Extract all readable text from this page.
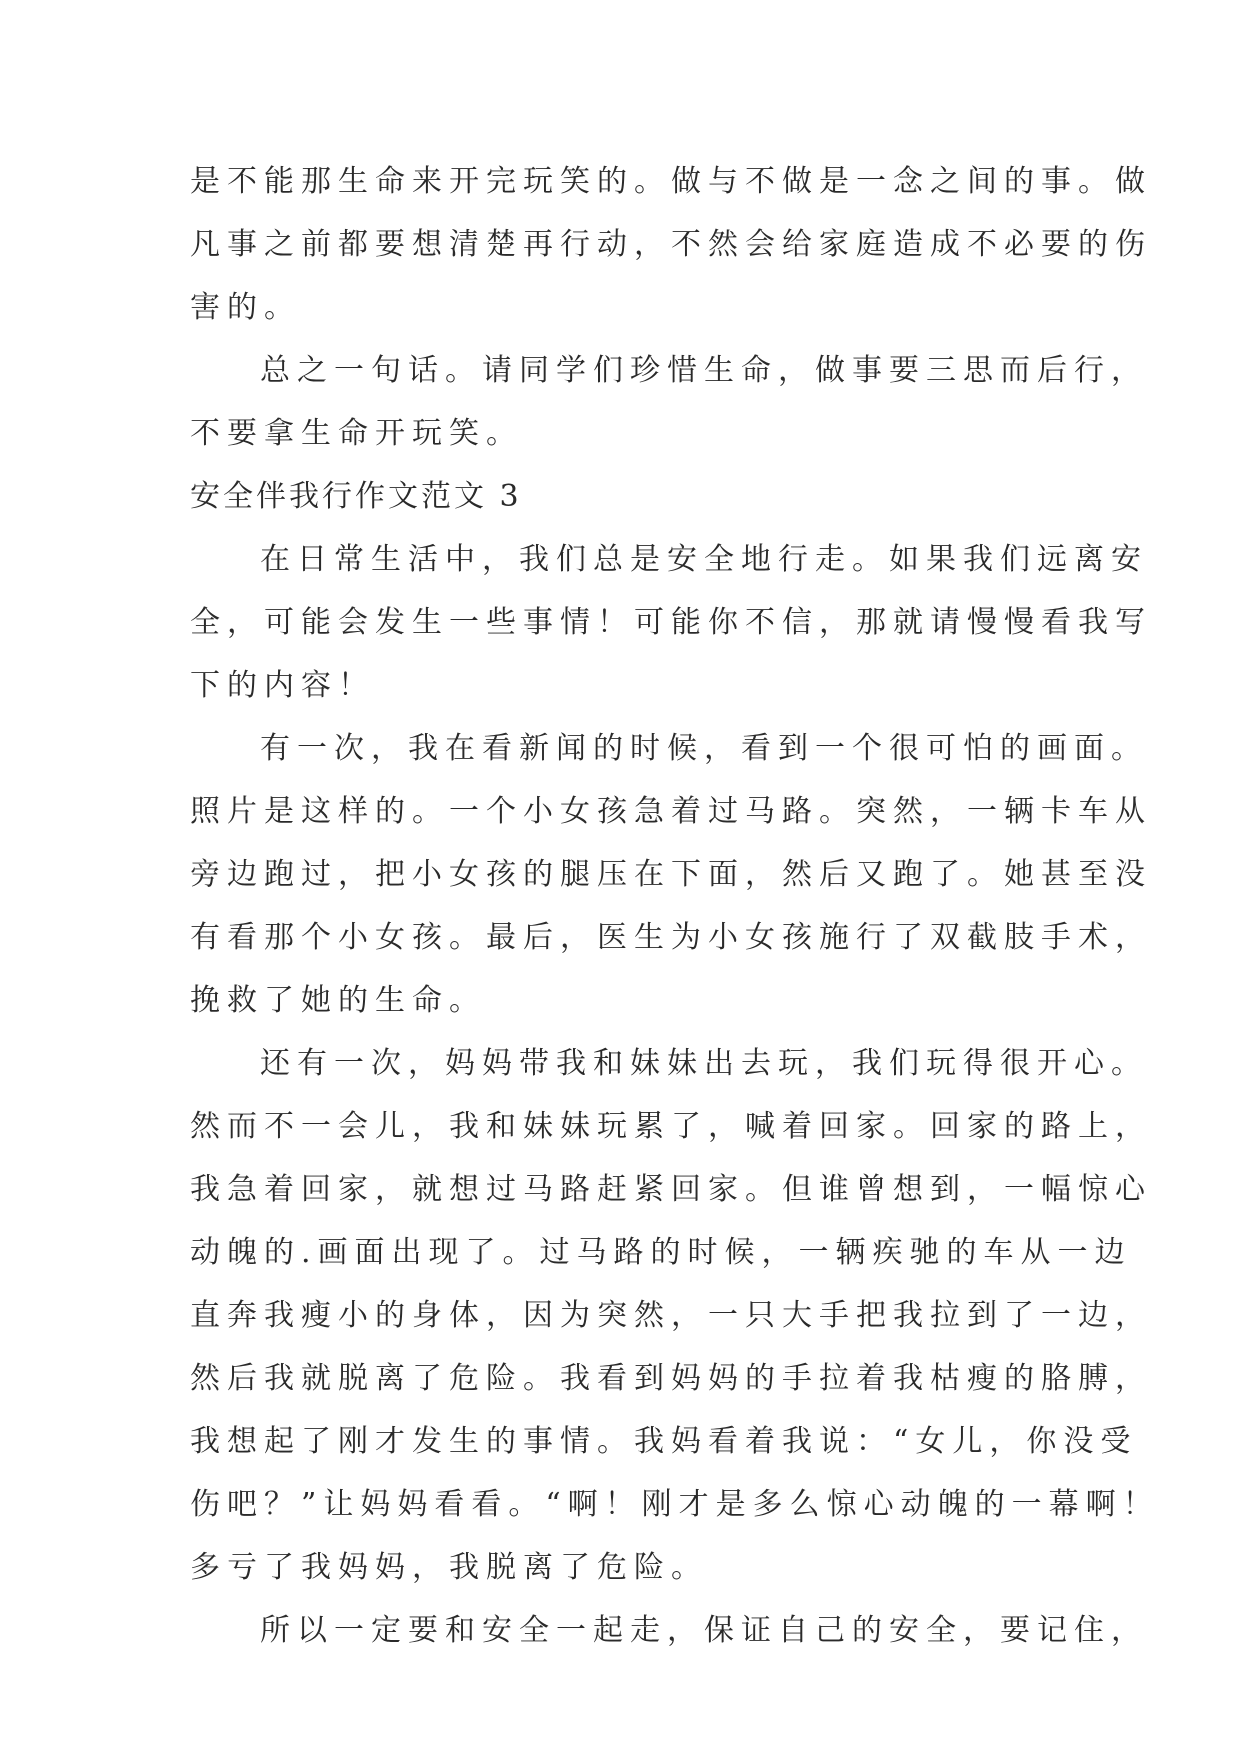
是不能那生命来开完玩笑的。做与不做是一念之间的事。做
凡事之前都要想清楚再行动，不然会给家庭造成不必要的伤
害的。
总之一句话。请同学们珍惜生命，做事要三思而后行，
不要拿生命开玩笑。
安全伴我行作文范文 3
在日常生活中，我们总是安全地行走。如果我们远离安
全，可能会发生一些事情！可能你不信，那就请慢慢看我写
下的内容！
有一次，我在看新闻的时候，看到一个很可怕的画面。
照片是这样的。一个小女孩急着过马路。突然，一辆卡车从
旁边跑过，把小女孩的腿压在下面，然后又跑了。她甚至没
有看那个小女孩。最后，医生为小女孩施行了双截肢手术，
挽救了她的生命。
还有一次，妈妈带我和妹妹出去玩，我们玩得很开心。
然而不一会儿，我和妹妹玩累了，喊着回家。回家的路上，
我急着回家，就想过马路赶紧回家。但谁曾想到，一幅惊心
动魄的.画面出现了。过马路的时候，一辆疾驰的车从一边
直奔我瘦小的身体，因为突然，一只大手把我拉到了一边，
然后我就脱离了危险。我看到妈妈的手拉着我枯瘦的胳膊，
我想起了刚才发生的事情。我妈看着我说：“女儿，你没受
伤吧？”让妈妈看看。“啊！刚才是多么惊心动魄的一幕啊！
多亏了我妈妈，我脱离了危险。
所以一定要和安全一起走，保证自己的安全，要记住，
